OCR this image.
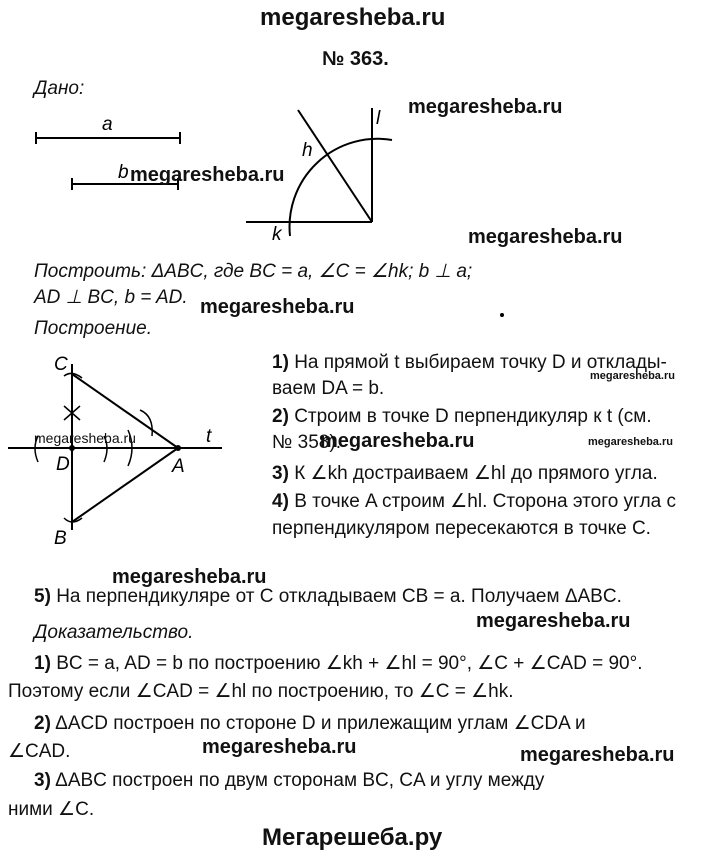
megaresheba.ru
№ 363.
Дано:
a
b
h
l
k
Построить: ΔABC, где BC = a, ∠C = ∠hk; b ⊥ a;
AD ⊥ BC, b = AD.
Построение.
C
D	A
B
t
1) На прямой t выбираем точку D и отклады-
ваем DA = b.
2) Строим в точке D перпендикуляр к t (см.
№ 358).
3) К ∠kh достраиваем ∠hl до прямого угла.
4) В точке A строим ∠hl. Сторона этого угла с
перпендикуляром пересекаются в точке C.
5) На перпендикуляре от C откладываем CB = a. Получаем ΔABC.
Доказательство.
1) BC = a, AD = b по построению ∠kh + ∠hl = 90°, ∠C + ∠CAD = 90°.
Поэтому если ∠CAD = ∠hl по построению, то ∠C = ∠hk.
2) ΔACD построен по стороне D и прилежащим углам ∠CDA и
∠CAD.
3) ΔABC построен по двум сторонам BC, CA и углу между
ними ∠C.
megaresheba.ru
megaresheba.ru
megaresheba.ru
megaresheba.ru
megaresheba.ru
megaresheba.ru	megaresheba.ru	megaresheba.ru
megaresheba.ru
megaresheba.ru
megaresheba.ru	megaresheba.ru
Мегарешеба.ру
